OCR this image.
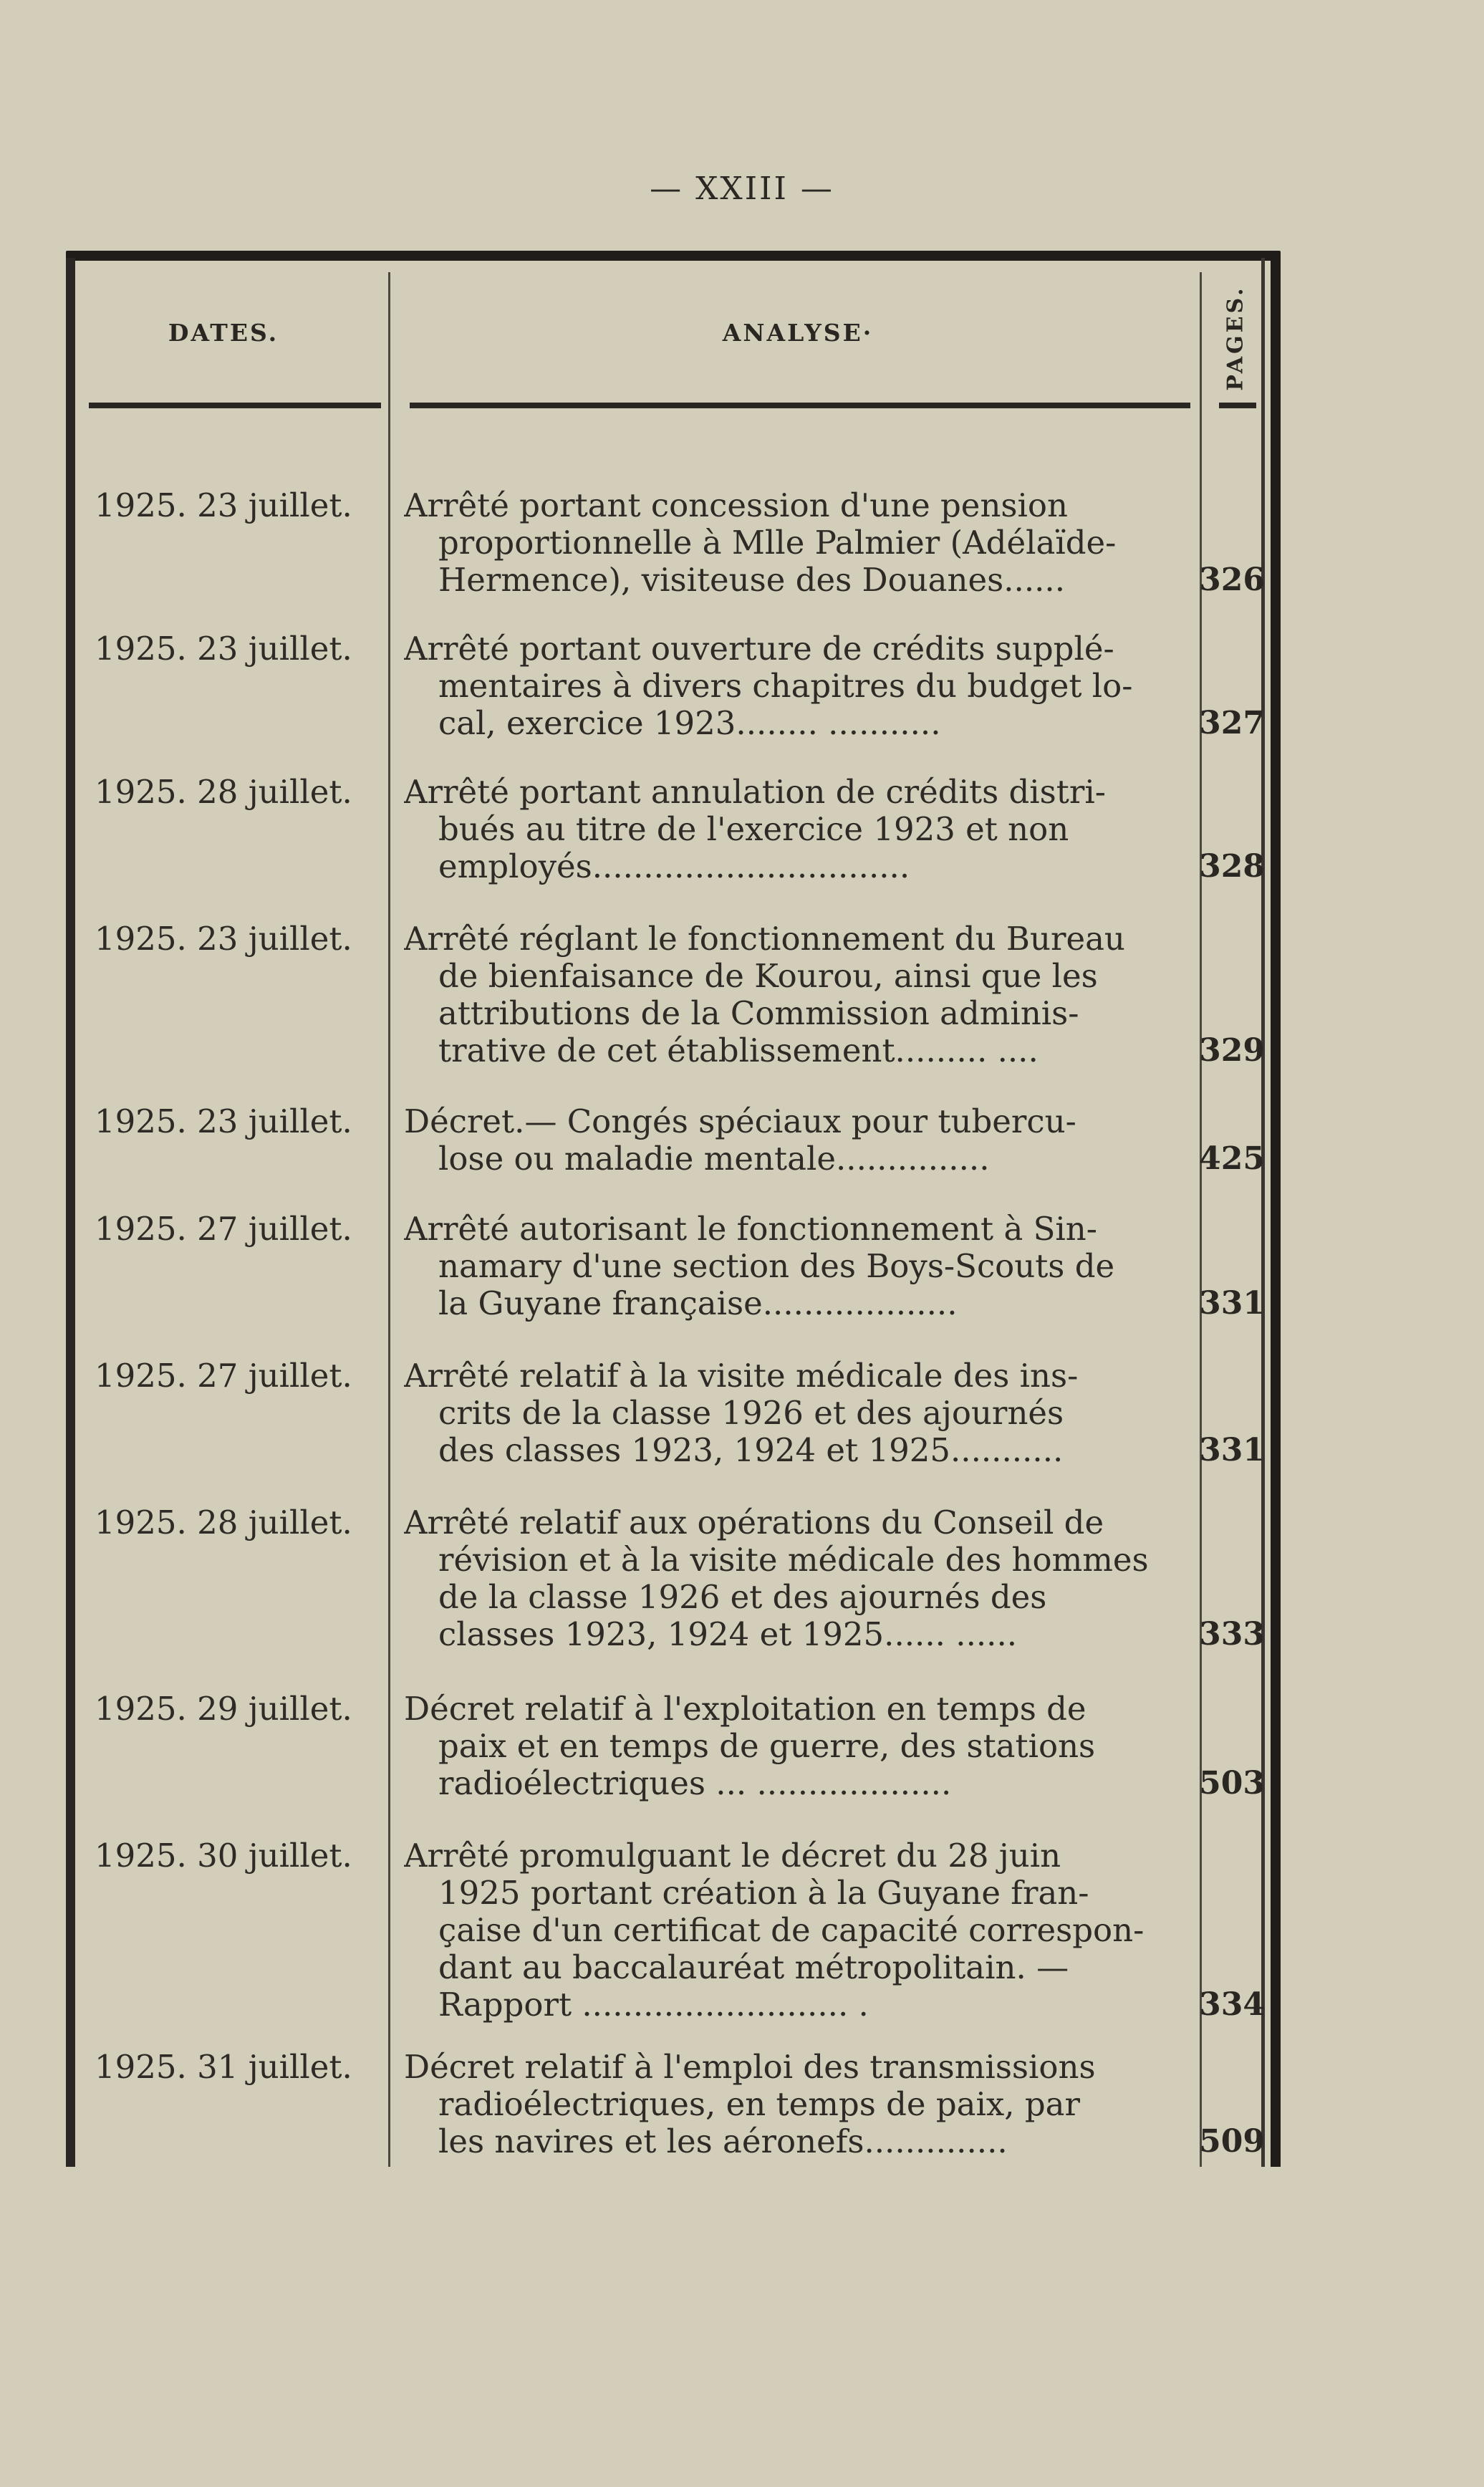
— XXIII —
DATES.	ANALYSE·	PAGES.
1925. 23 juillet.	Arrêté portant concession d'une pension
proportionnelle à Mlle Palmier (Adélaïde-
Hermence), visiteuse des Douanes......	326
1925. 23 juillet.	Arrêté portant ouverture de crédits supplé-
mentaires à divers chapitres du budget lo-
cal, exercice 1923........ ...........	327
1925. 28 juillet.	Arrêté portant annulation de crédits distri-
bués au titre de l'exercice 1923 et non
employés...............................	328
1925. 23 juillet.	Arrêté réglant le fonctionnement du Bureau
de bienfaisance de Kourou, ainsi que les
attributions de la Commission adminis-
trative de cet établissement......... ....	329
1925. 23 juillet.	Décret.— Congés spéciaux pour tubercu-
lose ou maladie mentale...............	425
1925. 27 juillet.	Arrêté autorisant le fonctionnement à Sin-
namary d'une section des Boys-Scouts de
la Guyane française...................	331
1925. 27 juillet.	Arrêté relatif à la visite médicale des ins-
crits de la classe 1926 et des ajournés
des classes 1923, 1924 et 1925...........	331
1925. 28 juillet.	Arrêté relatif aux opérations du Conseil de
révision et à la visite médicale des hommes
de la classe 1926 et des ajournés des
classes 1923, 1924 et 1925...... ......	333
1925. 29 juillet.	Décret relatif à l'exploitation en temps de
paix et en temps de guerre, des stations
radioélectriques ... ...................	503
1925. 30 juillet.	Arrêté promulguant le décret du 28 juin
1925 portant création à la Guyane fran-
çaise d'un certificat de capacité correspon-
dant au baccalauréat métropolitain. —
Rapport .......................... .	334
1925. 31 juillet.	Décret relatif à l'emploi des transmissions
radioélectriques, en temps de paix, par
les navires et les aéronefs..............	509
